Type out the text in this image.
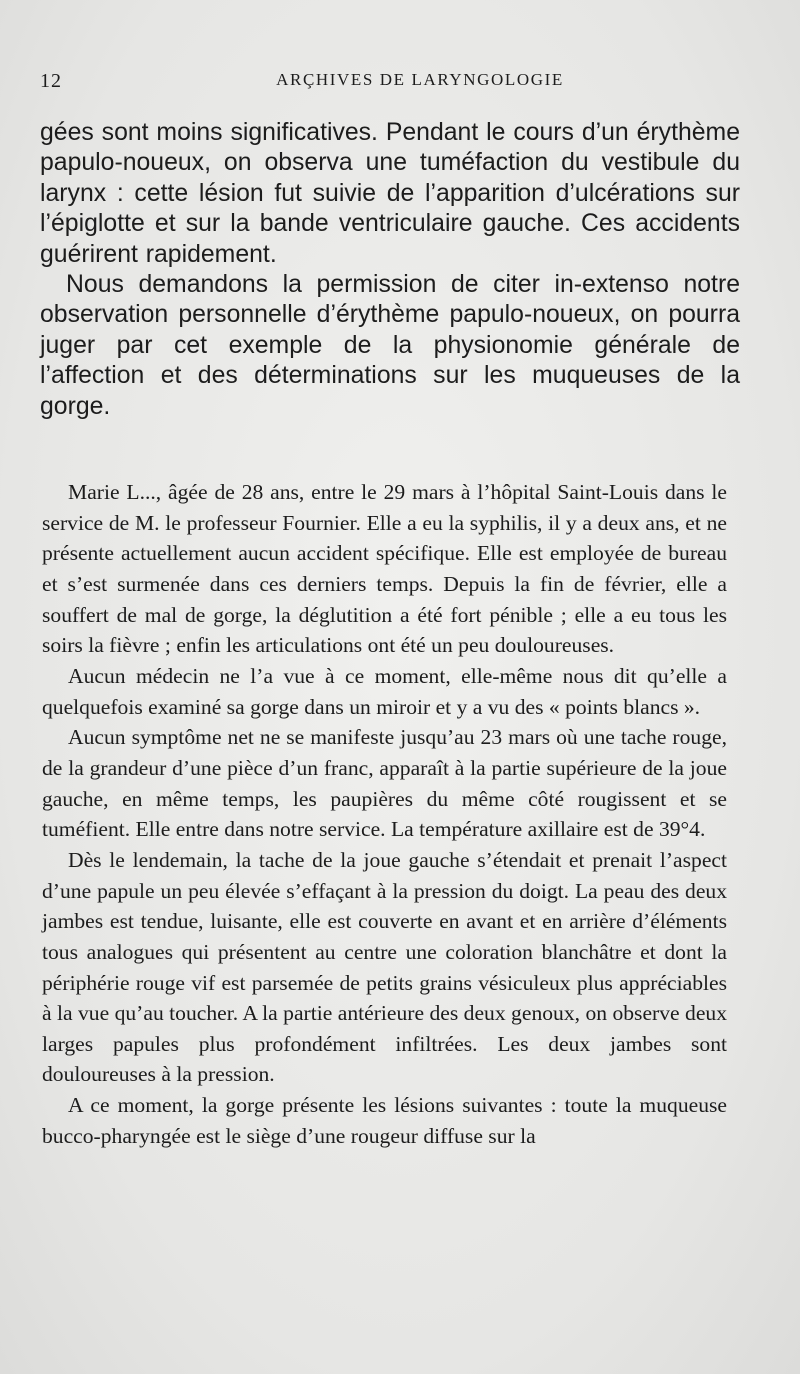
12	ARÇHIVES DE LARYNGOLOGIE

gées sont moins significatives. Pendant le cours d’un érythème papulo-noueux, on observa une tuméfaction du vestibule du larynx : cette lésion fut suivie de l’apparition d’ulcérations sur l’épiglotte et sur la bande ventriculaire gauche. Ces accidents guérirent rapidement.

Nous demandons la permission de citer in-extenso notre observation personnelle d’érythème papulo-noueux, on pourra juger par cet exemple de la physionomie générale de l’affection et des déterminations sur les muqueuses de la gorge.

Marie L..., âgée de 28 ans, entre le 29 mars à l’hôpital Saint-Louis dans le service de M. le professeur Fournier. Elle a eu la syphilis, il y a deux ans, et ne présente actuellement aucun accident spécifique. Elle est employée de bureau et s’est surmenée dans ces derniers temps. Depuis la fin de février, elle a souffert de mal de gorge, la déglutition a été fort pénible ; elle a eu tous les soirs la fièvre ; enfin les articulations ont été un peu douloureuses.

Aucun médecin ne l’a vue à ce moment, elle-même nous dit qu’elle a quelquefois examiné sa gorge dans un miroir et y a vu des « points blancs ».

Aucun symptôme net ne se manifeste jusqu’au 23 mars où une tache rouge, de la grandeur d’une pièce d’un franc, apparaît à la partie supérieure de la joue gauche, en même temps, les paupières du même côté rougissent et se tuméfient. Elle entre dans notre service. La température axillaire est de 39°4.

Dès le lendemain, la tache de la joue gauche s’étendait et prenait l’aspect d’une papule un peu élevée s’effaçant à la pression du doigt. La peau des deux jambes est tendue, luisante, elle est couverte en avant et en arrière d’éléments tous analogues qui présentent au centre une coloration blanchâtre et dont la périphérie rouge vif est parsemée de petits grains vésiculeux plus appréciables à la vue qu’au toucher. A la partie antérieure des deux genoux, on observe deux larges papules plus profondément infiltrées. Les deux jambes sont douloureuses à la pression.

A ce moment, la gorge présente les lésions suivantes : toute la muqueuse bucco-pharyngée est le siège d’une rougeur diffuse sur la
